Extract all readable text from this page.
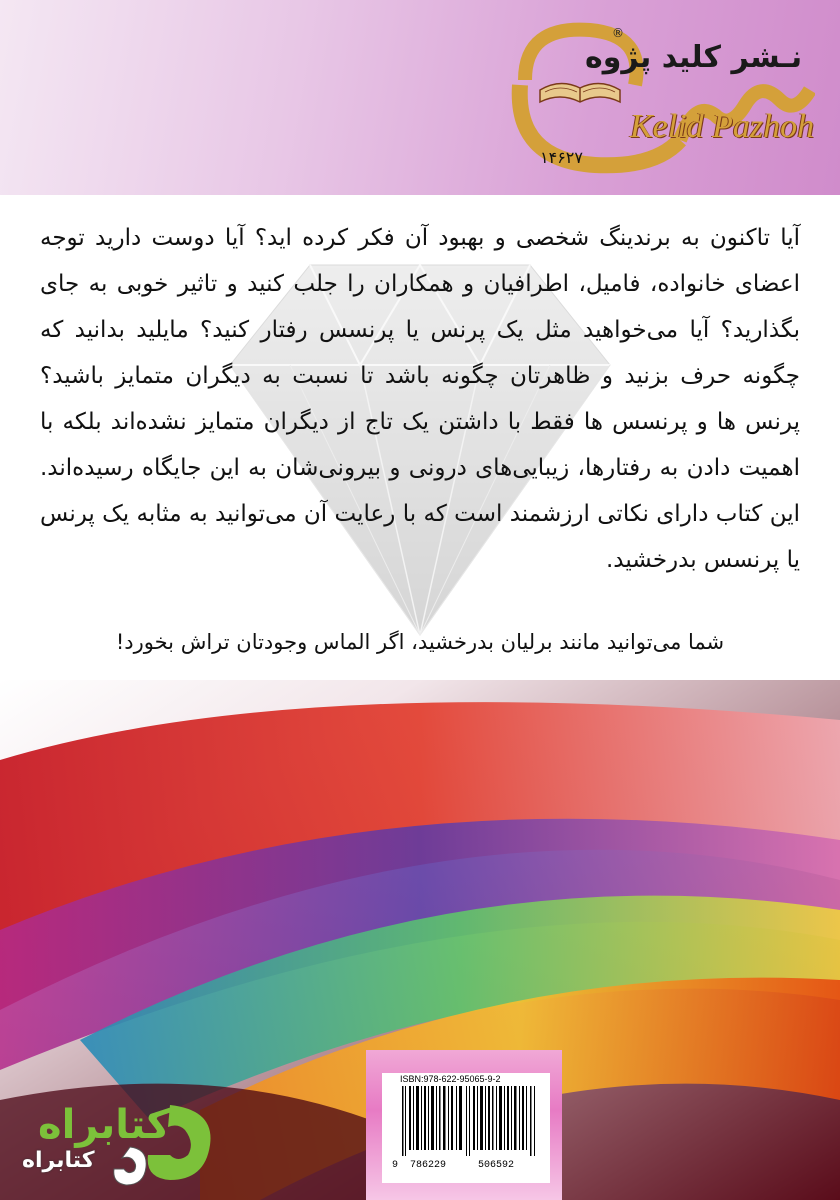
نـشر کلید پژوه
®
Kelid Pazhoh
۱۴۶۲۷

آیا تاکنون به برندینگ شخصی و بهبود آن فکر کرده اید؟ آیا دوست دارید توجه اعضای خانواده، فامیل، اطرافیان و همکاران را جلب کنید و تاثیر خوبی به جای بگذارید؟ آیا می‌خواهید مثل یک پرنس یا پرنسس رفتار کنید؟ مایلید بدانید که چگونه حرف بزنید و ظاهرتان چگونه باشد تا نسبت به دیگران متمایز باشید؟ پرنس ها و پرنسس ها فقط با داشتن یک تاج از دیگران متمایز نشده‌اند بلکه با اهمیت دادن به رفتارها، زیبایی‌های درونی و بیرونی‌شان به این جایگاه رسیده‌اند. این کتاب دارای نکاتی ارزشمند است که با رعایت آن می‌توانید به مثابه یک پرنس یا پرنسس بدرخشید.

شما می‌توانید مانند برلیان بدرخشید، اگر الماس وجودتان تراش بخورد!
ISBN:978-622-95065-9-2
9 786229	506592
کتابراه
کتابراه
